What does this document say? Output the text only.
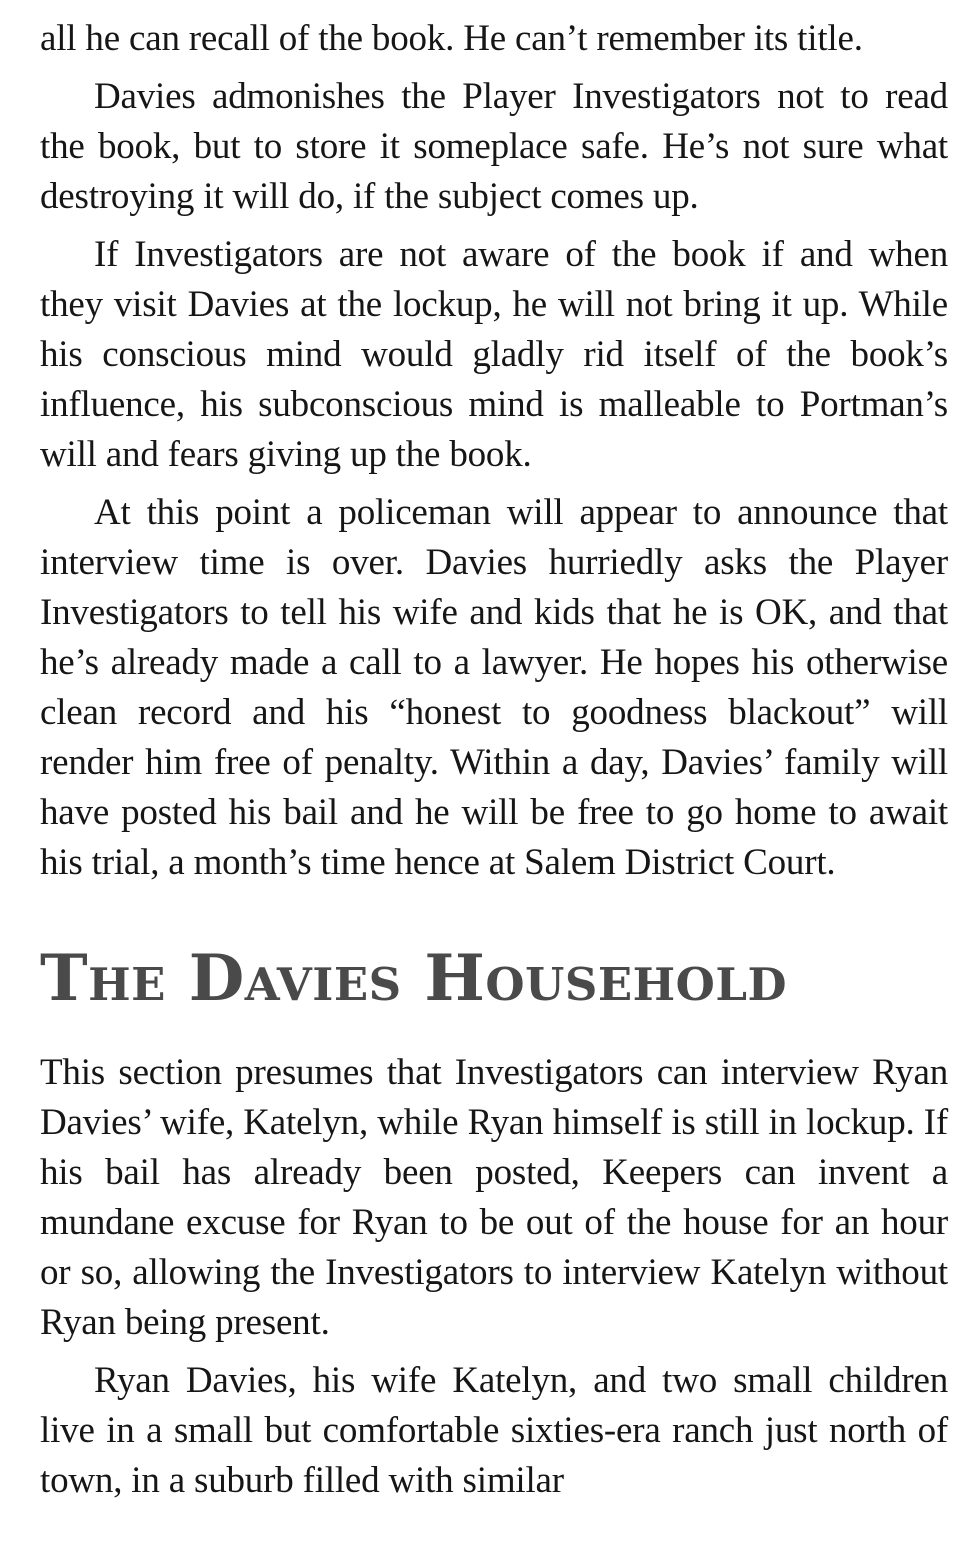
all he can recall of the book. He can’t remember its title.

Davies admonishes the Player Investigators not to read the book, but to store it someplace safe. He’s not sure what destroying it will do, if the subject comes up.

If Investigators are not aware of the book if and when they visit Davies at the lockup, he will not bring it up. While his conscious mind would gladly rid itself of the book’s influence, his subconscious mind is malleable to Portman’s will and fears giving up the book.

At this point a policeman will appear to announce that interview time is over. Davies hurriedly asks the Player Investigators to tell his wife and kids that he is OK, and that he’s already made a call to a lawyer. He hopes his otherwise clean record and his “honest to goodness blackout” will render him free of penalty. Within a day, Davies’ family will have posted his bail and he will be free to go home to await his trial, a month’s time hence at Salem District Court.

The Davies Household

This section presumes that Investigators can interview Ryan Davies’ wife, Katelyn, while Ryan himself is still in lockup. If his bail has already been posted, Keepers can invent a mundane excuse for Ryan to be out of the house for an hour or so, allowing the Investigators to interview Katelyn without Ryan being present.

Ryan Davies, his wife Katelyn, and two small children live in a small but comfortable sixties-era ranch just north of town, in a suburb filled with similar
